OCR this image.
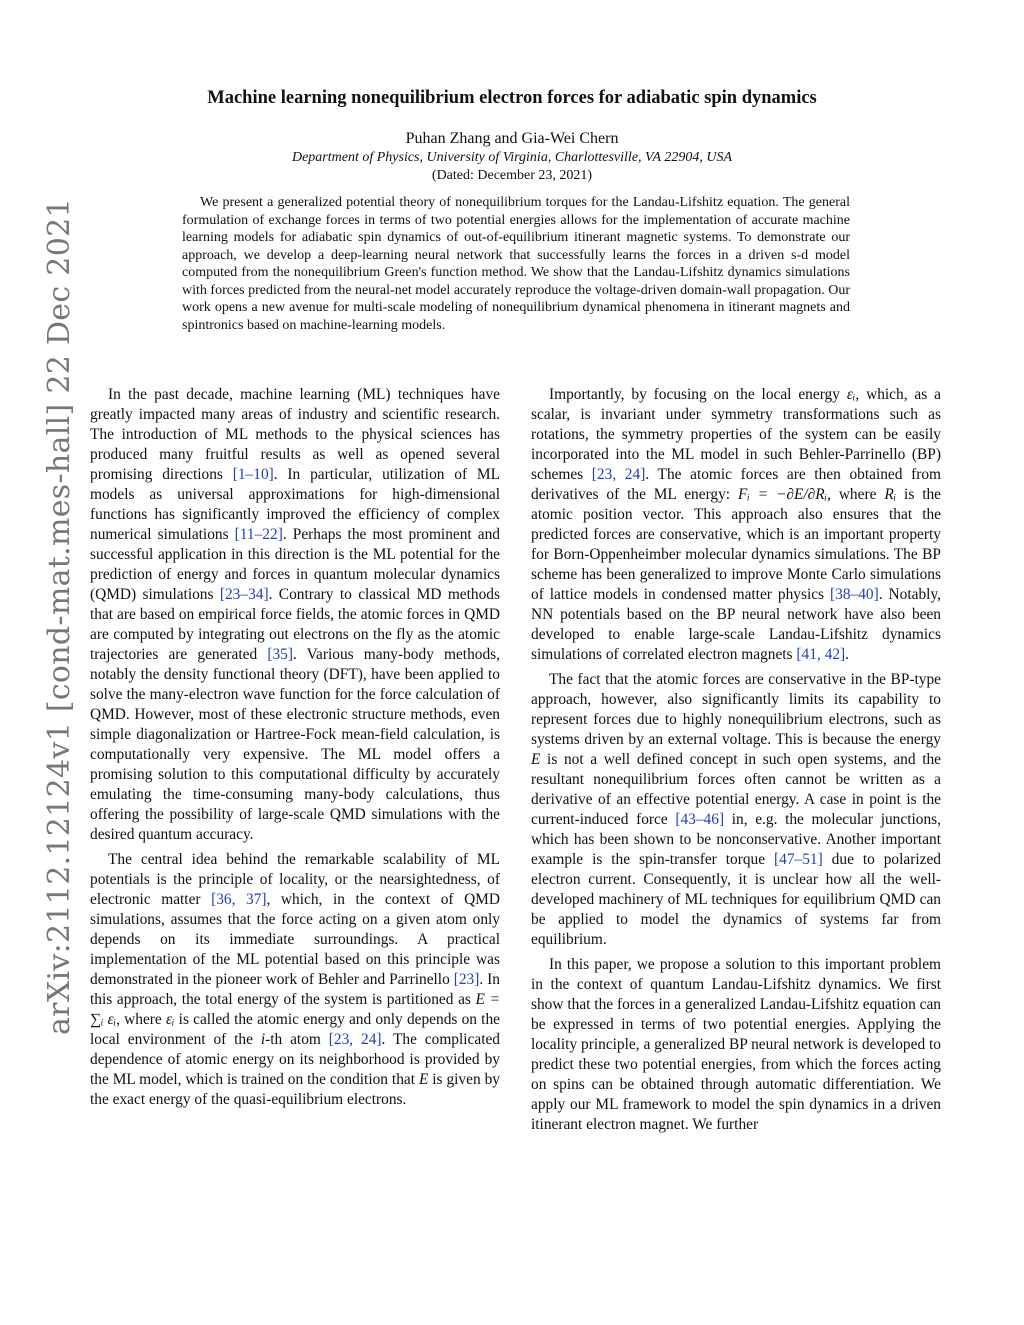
arXiv:2112.12124v1 [cond-mat.mes-hall] 22 Dec 2021
Machine learning nonequilibrium electron forces for adiabatic spin dynamics
Puhan Zhang and Gia-Wei Chern
Department of Physics, University of Virginia, Charlottesville, VA 22904, USA
(Dated: December 23, 2021)

We present a generalized potential theory of nonequilibrium torques for the Landau-Lifshitz equation. The general formulation of exchange forces in terms of two potential energies allows for the implementation of accurate machine learning models for adiabatic spin dynamics of out-of-equilibrium itinerant magnetic systems. To demonstrate our approach, we develop a deep-learning neural network that successfully learns the forces in a driven s-d model computed from the nonequilibrium Green's function method. We show that the Landau-Lifshitz dynamics simulations with forces predicted from the neural-net model accurately reproduce the voltage-driven domain-wall propagation. Our work opens a new avenue for multi-scale modeling of nonequilibrium dynamical phenomena in itinerant magnets and spintronics based on machine-learning models.

In the past decade, machine learning (ML) techniques have greatly impacted many areas of industry and scientific research. The introduction of ML methods to the physical sciences has produced many fruitful results as well as opened several promising directions [1–10]. In particular, utilization of ML models as universal approximations for high-dimensional functions has significantly improved the efficiency of complex numerical simulations [11–22]. Perhaps the most prominent and successful application in this direction is the ML potential for the prediction of energy and forces in quantum molecular dynamics (QMD) simulations [23–34]. Contrary to classical MD methods that are based on empirical force fields, the atomic forces in QMD are computed by integrating out electrons on the fly as the atomic trajectories are generated [35]. Various many-body methods, notably the density functional theory (DFT), have been applied to solve the many-electron wave function for the force calculation of QMD. However, most of these electronic structure methods, even simple diagonalization or Hartree-Fock mean-field calculation, is computationally very expensive. The ML model offers a promising solution to this computational difficulty by accurately emulating the time-consuming many-body calculations, thus offering the possibility of large-scale QMD simulations with the desired quantum accuracy.

The central idea behind the remarkable scalability of ML potentials is the principle of locality, or the nearsightedness, of electronic matter [36, 37], which, in the context of QMD simulations, assumes that the force acting on a given atom only depends on its immediate surroundings. A practical implementation of the ML potential based on this principle was demonstrated in the pioneer work of Behler and Parrinello [23]. In this approach, the total energy of the system is partitioned as E = ∑ᵢ εᵢ, where εᵢ is called the atomic energy and only depends on the local environment of the i-th atom [23, 24]. The complicated dependence of atomic energy on its neighborhood is provided by the ML model, which is trained on the condition that E is given by the exact energy of the quasi-equilibrium electrons.

Importantly, by focusing on the local energy εᵢ, which, as a scalar, is invariant under symmetry transformations such as rotations, the symmetry properties of the system can be easily incorporated into the ML model in such Behler-Parrinello (BP) schemes [23, 24]. The atomic forces are then obtained from derivatives of the ML energy: Fᵢ = −∂E/∂Rᵢ, where Rᵢ is the atomic position vector. This approach also ensures that the predicted forces are conservative, which is an important property for Born-Oppenheimber molecular dynamics simulations. The BP scheme has been generalized to improve Monte Carlo simulations of lattice models in condensed matter physics [38–40]. Notably, NN potentials based on the BP neural network have also been developed to enable large-scale Landau-Lifshitz dynamics simulations of correlated electron magnets [41, 42].

The fact that the atomic forces are conservative in the BP-type approach, however, also significantly limits its capability to represent forces due to highly nonequilibrium electrons, such as systems driven by an external voltage. This is because the energy E is not a well defined concept in such open systems, and the resultant nonequilibrium forces often cannot be written as a derivative of an effective potential energy. A case in point is the current-induced force [43–46] in, e.g. the molecular junctions, which has been shown to be nonconservative. Another important example is the spin-transfer torque [47–51] due to polarized electron current. Consequently, it is unclear how all the well-developed machinery of ML techniques for equilibrium QMD can be applied to model the dynamics of systems far from equilibrium.

In this paper, we propose a solution to this important problem in the context of quantum Landau-Lifshitz dynamics. We first show that the forces in a generalized Landau-Lifshitz equation can be expressed in terms of two potential energies. Applying the locality principle, a generalized BP neural network is developed to predict these two potential energies, from which the forces acting on spins can be obtained through automatic differentiation. We apply our ML framework to model the spin dynamics in a driven itinerant electron magnet. We further
